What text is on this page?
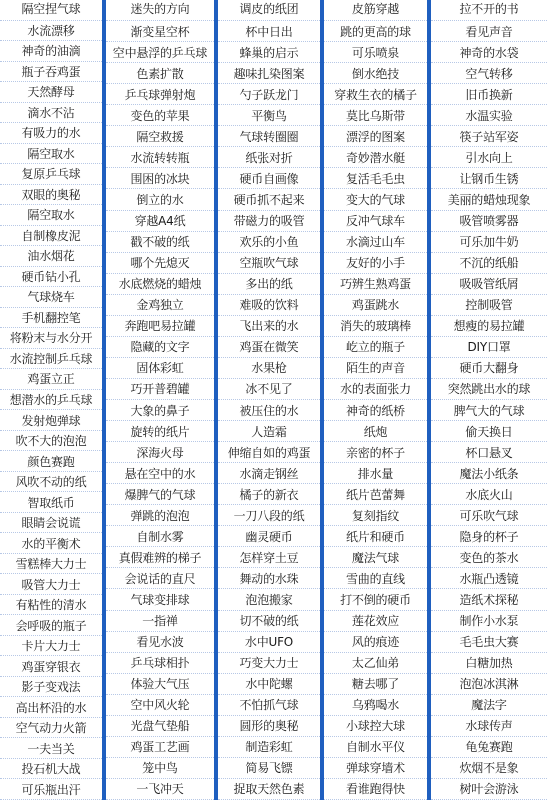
隔空捏气球
水流漂移
神奇的油滴
瓶子吞鸡蛋
天然酵母
滴水不沾
有吸力的水
隔空取水
复原乒乓球
双眼的奥秘
隔空取水
自制橡皮泥
油水烟花
硬币钻小孔
气球烧车
手机翻控笔
将粉末与水分开
水流控制乒乓球
鸡蛋立正
想潜水的乒乓球
发射炮弹球
吹不大的泡泡
颜色赛跑
风吹不动的纸
智取纸币
眼睛会说谎
水的平衡术
雪糕棒大力士
吸管大力士
有粘性的清水
会呼吸的瓶子
卡片大力士
鸡蛋穿银衣
影子变戏法
高出杯沿的水
空气动力火箭
一夫当关
投石机大战
可乐瓶出汗
迷失的方向
渐变星空杯
空中悬浮的乒乓球
色素扩散
乒乓球弹射炮
变色的苹果
隔空救援
水流转转瓶
围困的冰块
倒立的水
穿越A4纸
戳不破的纸
哪个先熄灭
水底燃烧的蜡烛
金鸡独立
奔跑吧易拉罐
隐藏的文字
固体彩虹
巧开普碧罐
大象的鼻子
旋转的纸片
深海火母
悬在空中的水
爆脾气的气球
弹跳的泡泡
自制水雾
真假难辨的梯子
会说话的直尺
气球变排球
一指禅
看见水波
乒乓球相扑
体验大气压
空中风火轮
光盘气垫船
鸡蛋工艺画
笼中鸟
一飞冲天
调皮的纸团
杯中日出
蜂巢的启示
趣味扎染图案
勺子跃龙门
平衡鸟
气球转圈圈
纸张对折
硬币自画像
硬币抓不起来
带磁力的吸管
欢乐的小鱼
空瓶吹气球
多出的纸
难吸的饮料
飞出来的水
鸡蛋在微笑
水果枪
冰不见了
被压住的水
人造霜
伸缩自如的鸡蛋
水滴走钢丝
橘子的新衣
一刀八段的纸
幽灵硬币
怎样穿土豆
舞动的水珠
泡泡搬家
切不破的纸
水中UFO
巧变大力士
水中陀螺
不怕抓气球
圆形的奥秘
制造彩虹
简易飞镖
捉取天然色素
皮筋穿越
跳的更高的球
可乐喷泉
倒水绝技
穿救生衣的橘子
莫比乌斯带
漂浮的图案
奇妙潜水艇
复活毛毛虫
变大的气球
反冲气球车
水滴过山车
友好的小手
巧辨生熟鸡蛋
鸡蛋跳水
消失的玻璃棒
屹立的瓶子
陌生的声音
水的表面张力
神奇的纸桥
纸炮
亲密的杯子
排水量
纸片芭蕾舞
复刻指纹
纸片和硬币
魔法气球
雪曲的直线
打不倒的硬币
莲花效应
风的痕迹
太乙仙弟
糖去哪了
乌鸦喝水
小球控大球
自制水平仪
弹球穿墙术
看谁跑得快
拉不开的书
看见声音
神奇的水袋
空气转移
旧币换新
水温实验
筷子站军姿
引水向上
让钢币生锈
美丽的蜡烛现象
吸管喷雾器
可乐加牛奶
不沉的纸船
吸吸管纸屑
控制吸管
想瘦的易拉罐
DIY口罩
硬币大翻身
突然跳出水的球
脾气大的气球
偷天换日
杯口悬叉
魔法小纸条
水底火山
可乐吹气球
隐身的杯子
变色的茶水
水瓶凸透镜
造纸术探秘
制作小水泵
毛毛虫大赛
白糖加热
泡泡冰淇淋
魔法字
水球传声
龟兔赛跑
炊烟不是象
树叶会游泳
